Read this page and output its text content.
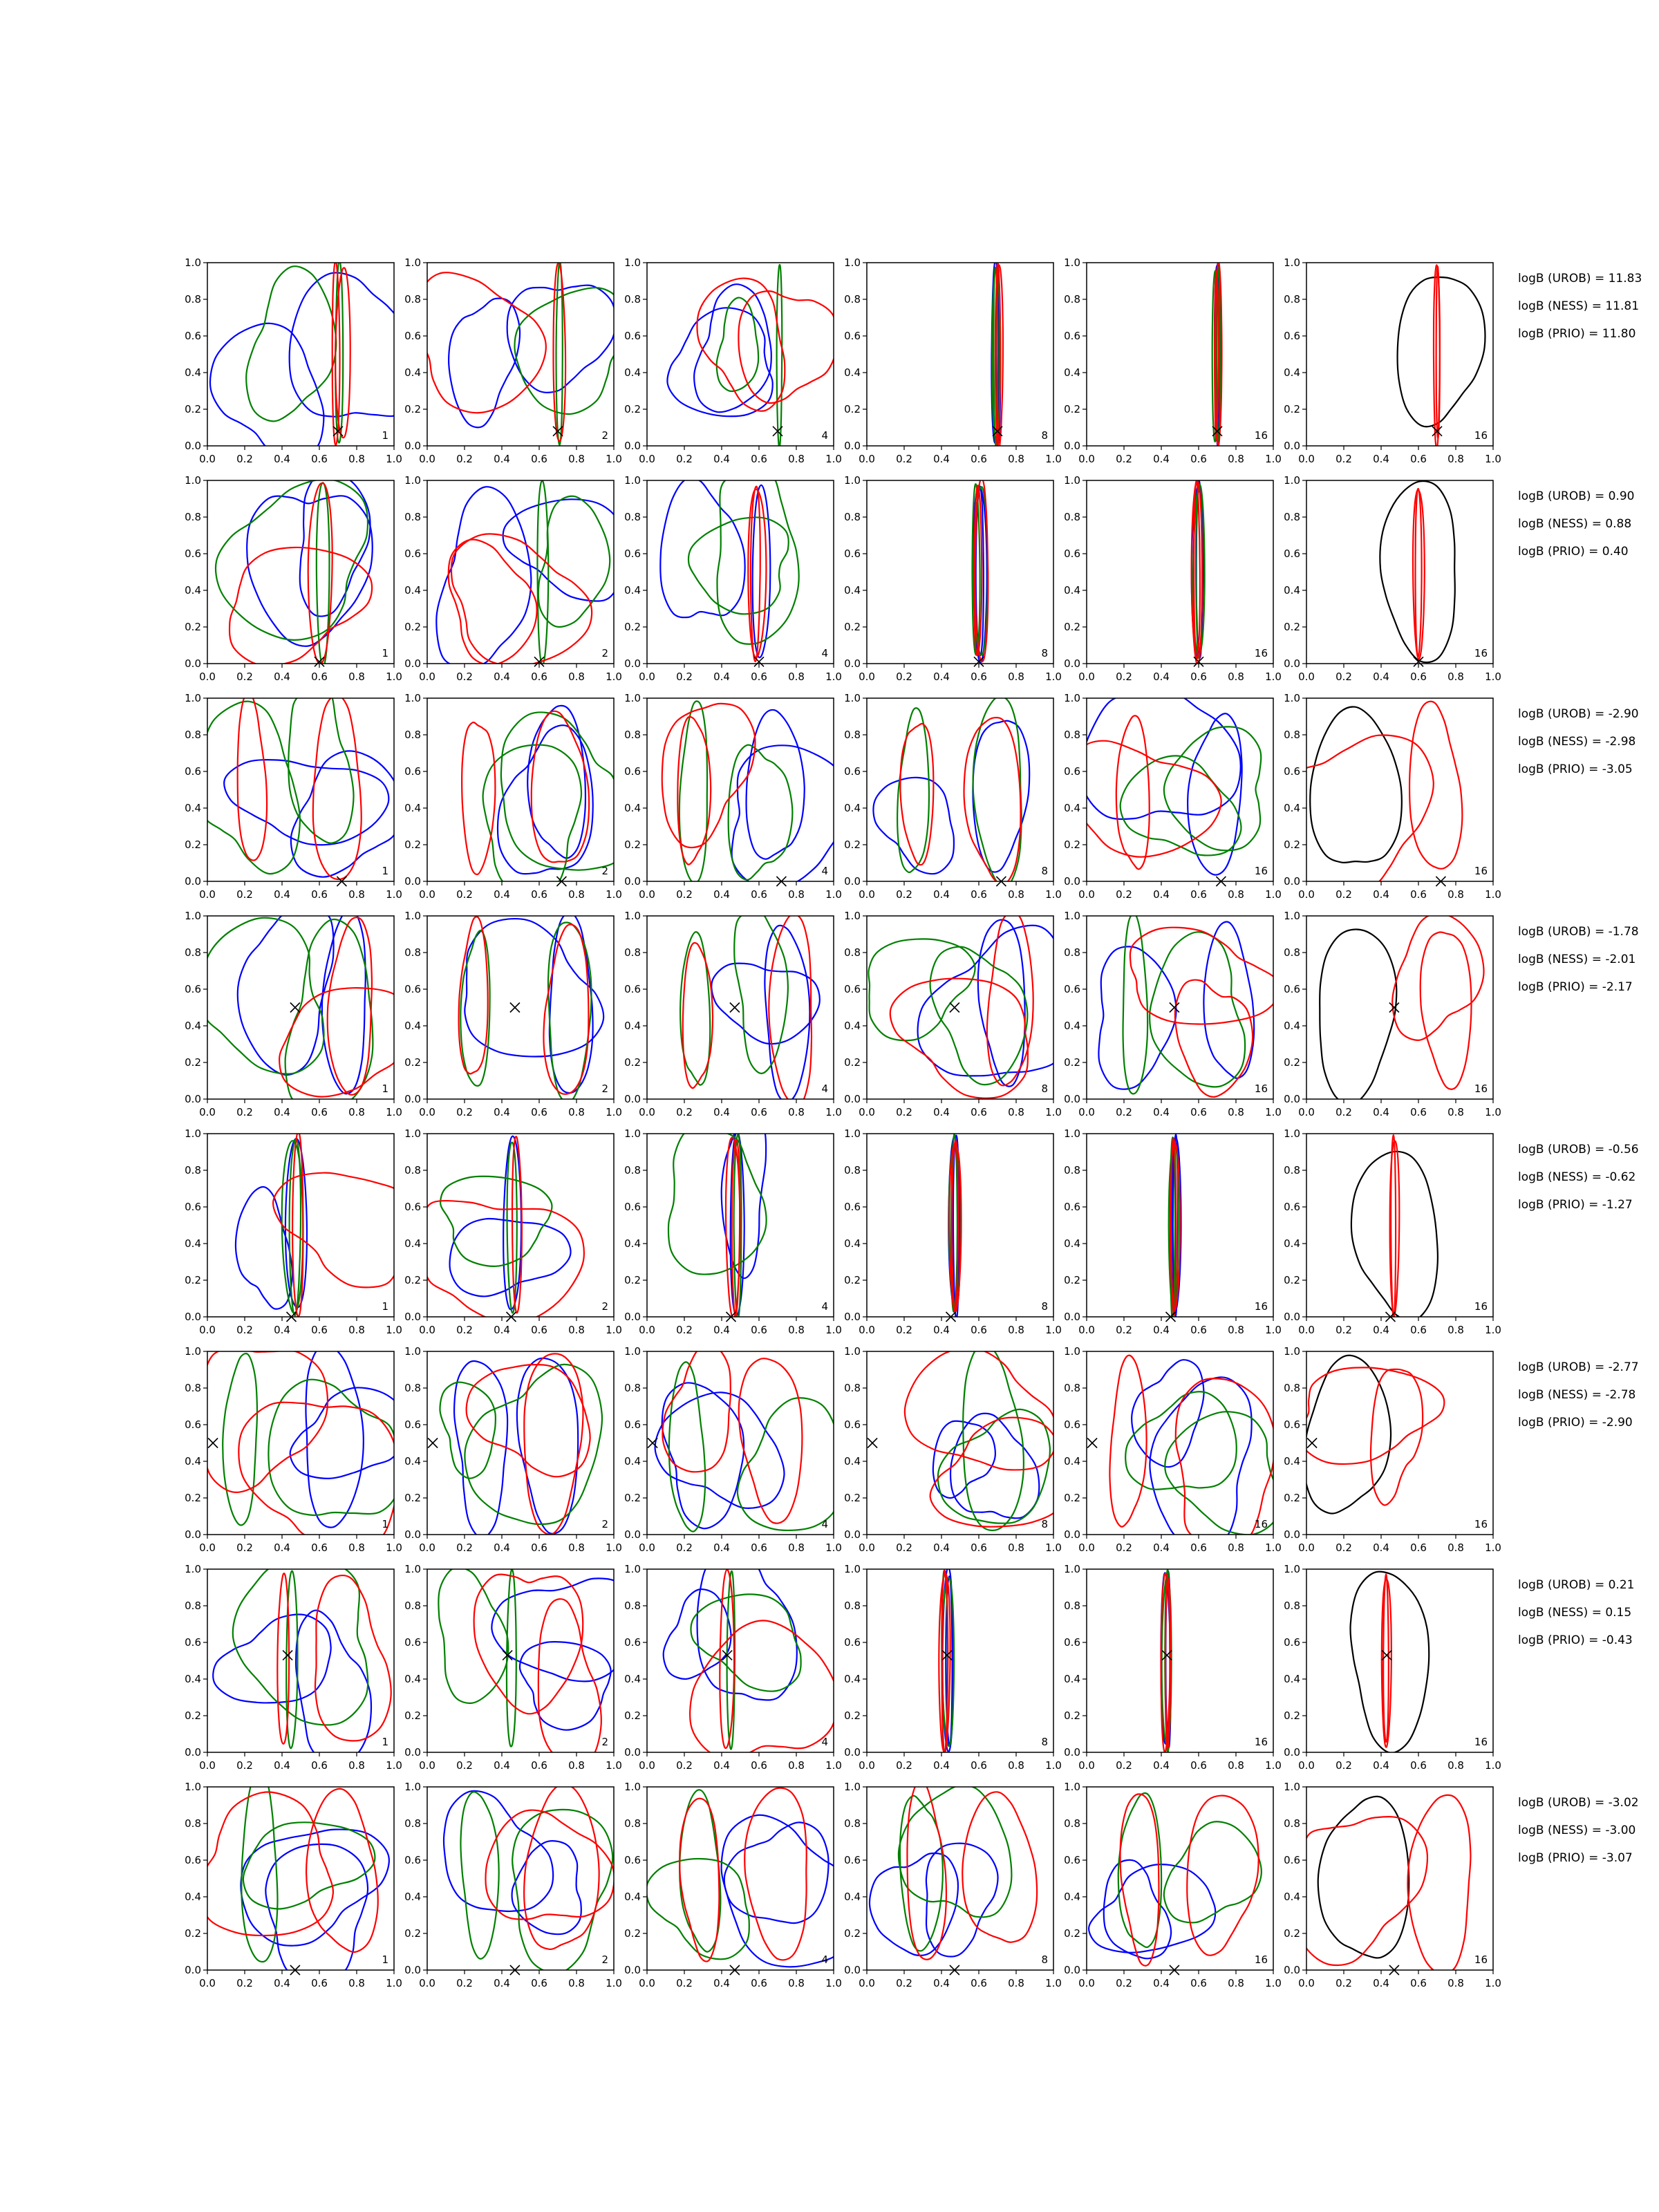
0.0
0.0
0.2
0.2
0.4
0.4
0.6
0.6
0.8
0.8
1.0
1.0
1
0.0
0.0
0.2
0.2
0.4
0.4
0.6
0.6
0.8
0.8
1.0
1.0
2
0.0
0.0
0.2
0.2
0.4
0.4
0.6
0.6
0.8
0.8
1.0
1.0
4
0.0
0.0
0.2
0.2
0.4
0.4
0.6
0.6
0.8
0.8
1.0
1.0
8
0.0
0.0
0.2
0.2
0.4
0.4
0.6
0.6
0.8
0.8
1.0
1.0
16
0.0
0.0
0.2
0.2
0.4
0.4
0.6
0.6
0.8
0.8
1.0
1.0
16
logB (UROB) = 11.83
logB (NESS) = 11.81
logB (PRIO) = 11.80
0.0
0.0
0.2
0.2
0.4
0.4
0.6
0.6
0.8
0.8
1.0
1.0
1
0.0
0.0
0.2
0.2
0.4
0.4
0.6
0.6
0.8
0.8
1.0
1.0
2
0.0
0.0
0.2
0.2
0.4
0.4
0.6
0.6
0.8
0.8
1.0
1.0
4
0.0
0.0
0.2
0.2
0.4
0.4
0.6
0.6
0.8
0.8
1.0
1.0
8
0.0
0.0
0.2
0.2
0.4
0.4
0.6
0.6
0.8
0.8
1.0
1.0
16
0.0
0.0
0.2
0.2
0.4
0.4
0.6
0.6
0.8
0.8
1.0
1.0
16
logB (UROB) = 0.90
logB (NESS) = 0.88
logB (PRIO) = 0.40
0.0
0.0
0.2
0.2
0.4
0.4
0.6
0.6
0.8
0.8
1.0
1.0
1
0.0
0.0
0.2
0.2
0.4
0.4
0.6
0.6
0.8
0.8
1.0
1.0
2
0.0
0.0
0.2
0.2
0.4
0.4
0.6
0.6
0.8
0.8
1.0
1.0
4
0.0
0.0
0.2
0.2
0.4
0.4
0.6
0.6
0.8
0.8
1.0
1.0
8
0.0
0.0
0.2
0.2
0.4
0.4
0.6
0.6
0.8
0.8
1.0
1.0
16
0.0
0.0
0.2
0.2
0.4
0.4
0.6
0.6
0.8
0.8
1.0
1.0
16
logB (UROB) = -2.90
logB (NESS) = -2.98
logB (PRIO) = -3.05
0.0
0.0
0.2
0.2
0.4
0.4
0.6
0.6
0.8
0.8
1.0
1.0
1
0.0
0.0
0.2
0.2
0.4
0.4
0.6
0.6
0.8
0.8
1.0
1.0
2
0.0
0.0
0.2
0.2
0.4
0.4
0.6
0.6
0.8
0.8
1.0
1.0
4
0.0
0.0
0.2
0.2
0.4
0.4
0.6
0.6
0.8
0.8
1.0
1.0
8
0.0
0.0
0.2
0.2
0.4
0.4
0.6
0.6
0.8
0.8
1.0
1.0
16
0.0
0.0
0.2
0.2
0.4
0.4
0.6
0.6
0.8
0.8
1.0
1.0
16
logB (UROB) = -1.78
logB (NESS) = -2.01
logB (PRIO) = -2.17
0.0
0.0
0.2
0.2
0.4
0.4
0.6
0.6
0.8
0.8
1.0
1.0
1
0.0
0.0
0.2
0.2
0.4
0.4
0.6
0.6
0.8
0.8
1.0
1.0
2
0.0
0.0
0.2
0.2
0.4
0.4
0.6
0.6
0.8
0.8
1.0
1.0
4
0.0
0.0
0.2
0.2
0.4
0.4
0.6
0.6
0.8
0.8
1.0
1.0
8
0.0
0.0
0.2
0.2
0.4
0.4
0.6
0.6
0.8
0.8
1.0
1.0
16
0.0
0.0
0.2
0.2
0.4
0.4
0.6
0.6
0.8
0.8
1.0
1.0
16
logB (UROB) = -0.56
logB (NESS) = -0.62
logB (PRIO) = -1.27
0.0
0.0
0.2
0.2
0.4
0.4
0.6
0.6
0.8
0.8
1.0
1.0
1
0.0
0.0
0.2
0.2
0.4
0.4
0.6
0.6
0.8
0.8
1.0
1.0
2
0.0
0.0
0.2
0.2
0.4
0.4
0.6
0.6
0.8
0.8
1.0
1.0
4
0.0
0.0
0.2
0.2
0.4
0.4
0.6
0.6
0.8
0.8
1.0
1.0
8
0.0
0.0
0.2
0.2
0.4
0.4
0.6
0.6
0.8
0.8
1.0
1.0
16
0.0
0.0
0.2
0.2
0.4
0.4
0.6
0.6
0.8
0.8
1.0
1.0
16
logB (UROB) = -2.77
logB (NESS) = -2.78
logB (PRIO) = -2.90
0.0
0.0
0.2
0.2
0.4
0.4
0.6
0.6
0.8
0.8
1.0
1.0
1
0.0
0.0
0.2
0.2
0.4
0.4
0.6
0.6
0.8
0.8
1.0
1.0
2
0.0
0.0
0.2
0.2
0.4
0.4
0.6
0.6
0.8
0.8
1.0
1.0
4
0.0
0.0
0.2
0.2
0.4
0.4
0.6
0.6
0.8
0.8
1.0
1.0
8
0.0
0.0
0.2
0.2
0.4
0.4
0.6
0.6
0.8
0.8
1.0
1.0
16
0.0
0.0
0.2
0.2
0.4
0.4
0.6
0.6
0.8
0.8
1.0
1.0
16
logB (UROB) = 0.21
logB (NESS) = 0.15
logB (PRIO) = -0.43
0.0
0.0
0.2
0.2
0.4
0.4
0.6
0.6
0.8
0.8
1.0
1.0
1
0.0
0.0
0.2
0.2
0.4
0.4
0.6
0.6
0.8
0.8
1.0
1.0
2
0.0
0.0
0.2
0.2
0.4
0.4
0.6
0.6
0.8
0.8
1.0
1.0
4
0.0
0.0
0.2
0.2
0.4
0.4
0.6
0.6
0.8
0.8
1.0
1.0
8
0.0
0.0
0.2
0.2
0.4
0.4
0.6
0.6
0.8
0.8
1.0
1.0
16
0.0
0.0
0.2
0.2
0.4
0.4
0.6
0.6
0.8
0.8
1.0
1.0
16
logB (UROB) = -3.02
logB (NESS) = -3.00
logB (PRIO) = -3.07
